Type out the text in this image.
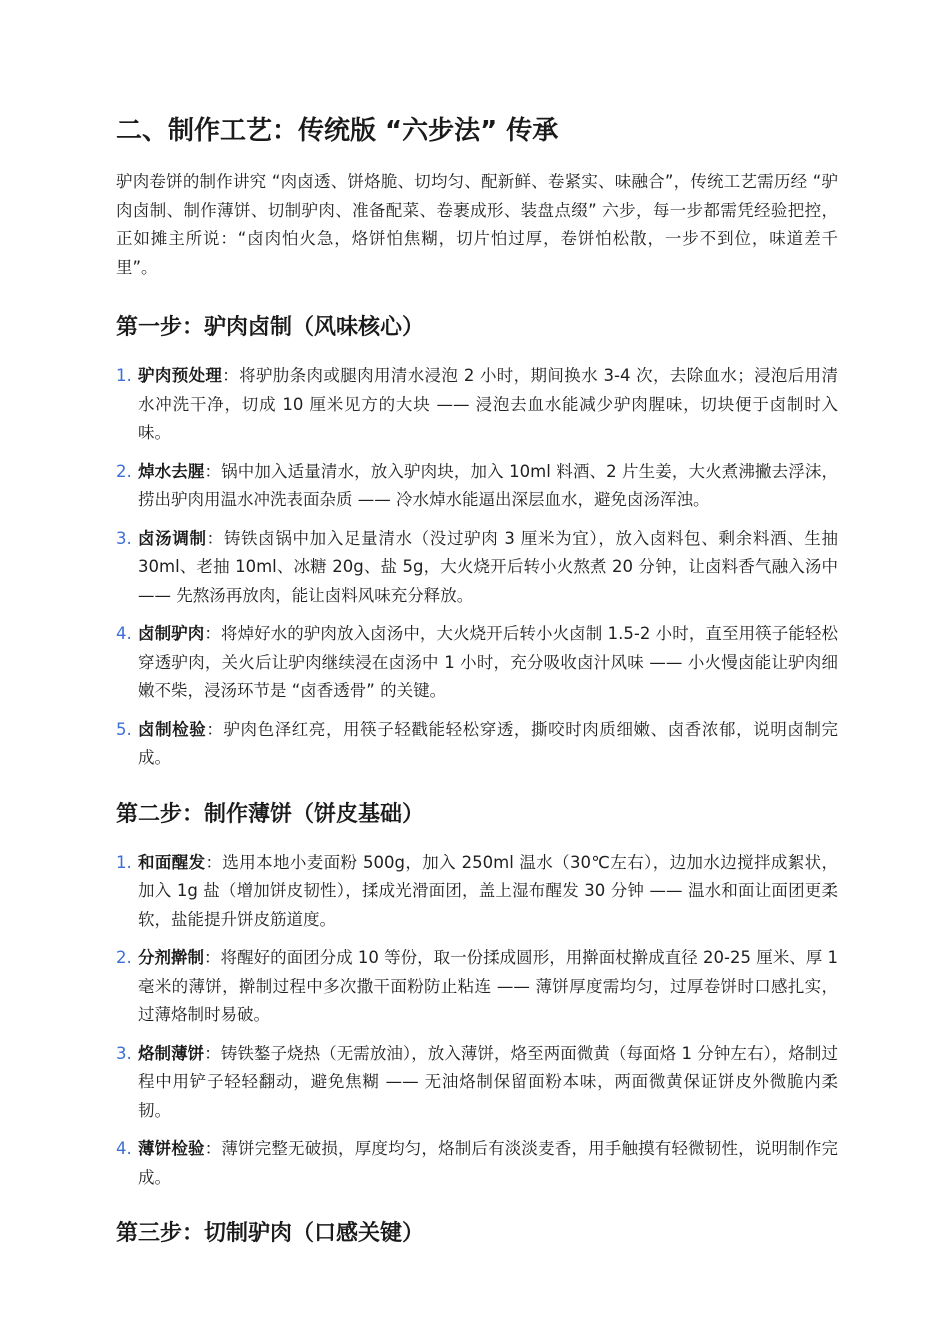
二、制作工艺：传统版 “六步法” 传承

驴肉卷饼的制作讲究 “肉卤透、饼烙脆、切均匀、配新鲜、卷紧实、味融合”，传统工艺需历经 “驴肉卤制、制作薄饼、切制驴肉、准备配菜、卷裹成形、装盘点缀” 六步，每一步都需凭经验把控，正如摊主所说：“卤肉怕火急，烙饼怕焦糊，切片怕过厚，卷饼怕松散，一步不到位，味道差千里”。

第一步：驴肉卤制（风味核心）
1. 驴肉预处理：将驴肋条肉或腿肉用清水浸泡 2 小时，期间换水 3-4 次，去除血水；浸泡后用清水冲洗干净，切成 10 厘米见方的大块 —— 浸泡去血水能减少驴肉腥味，切块便于卤制时入味。
2. 焯水去腥：锅中加入适量清水，放入驴肉块，加入 10ml 料酒、2 片生姜，大火煮沸撇去浮沫，捞出驴肉用温水冲洗表面杂质 —— 冷水焯水能逼出深层血水，避免卤汤浑浊。
3. 卤汤调制：铸铁卤锅中加入足量清水（没过驴肉 3 厘米为宜），放入卤料包、剩余料酒、生抽 30ml、老抽 10ml、冰糖 20g、盐 5g，大火烧开后转小火熬煮 20 分钟，让卤料香气融入汤中 —— 先熬汤再放肉，能让卤料风味充分释放。
4. 卤制驴肉：将焯好水的驴肉放入卤汤中，大火烧开后转小火卤制 1.5-2 小时，直至用筷子能轻松穿透驴肉，关火后让驴肉继续浸在卤汤中 1 小时，充分吸收卤汁风味 —— 小火慢卤能让驴肉细嫩不柴，浸汤环节是 “卤香透骨” 的关键。
5. 卤制检验：驴肉色泽红亮，用筷子轻戳能轻松穿透，撕咬时肉质细嫩、卤香浓郁，说明卤制完成。
第二步：制作薄饼（饼皮基础）
1. 和面醒发：选用本地小麦面粉 500g，加入 250ml 温水（30℃左右），边加水边搅拌成絮状，加入 1g 盐（增加饼皮韧性），揉成光滑面团，盖上湿布醒发 30 分钟 —— 温水和面让面团更柔软，盐能提升饼皮筋道度。
2. 分剂擀制：将醒好的面团分成 10 等份，取一份揉成圆形，用擀面杖擀成直径 20-25 厘米、厚 1 毫米的薄饼，擀制过程中多次撒干面粉防止粘连 —— 薄饼厚度需均匀，过厚卷饼时口感扎实，过薄烙制时易破。
3. 烙制薄饼：铸铁鏊子烧热（无需放油），放入薄饼，烙至两面微黄（每面烙 1 分钟左右），烙制过程中用铲子轻轻翻动，避免焦糊 —— 无油烙制保留面粉本味，两面微黄保证饼皮外微脆内柔韧。
4. 薄饼检验：薄饼完整无破损，厚度均匀，烙制后有淡淡麦香，用手触摸有轻微韧性，说明制作完成。
第三步：切制驴肉（口感关键）
